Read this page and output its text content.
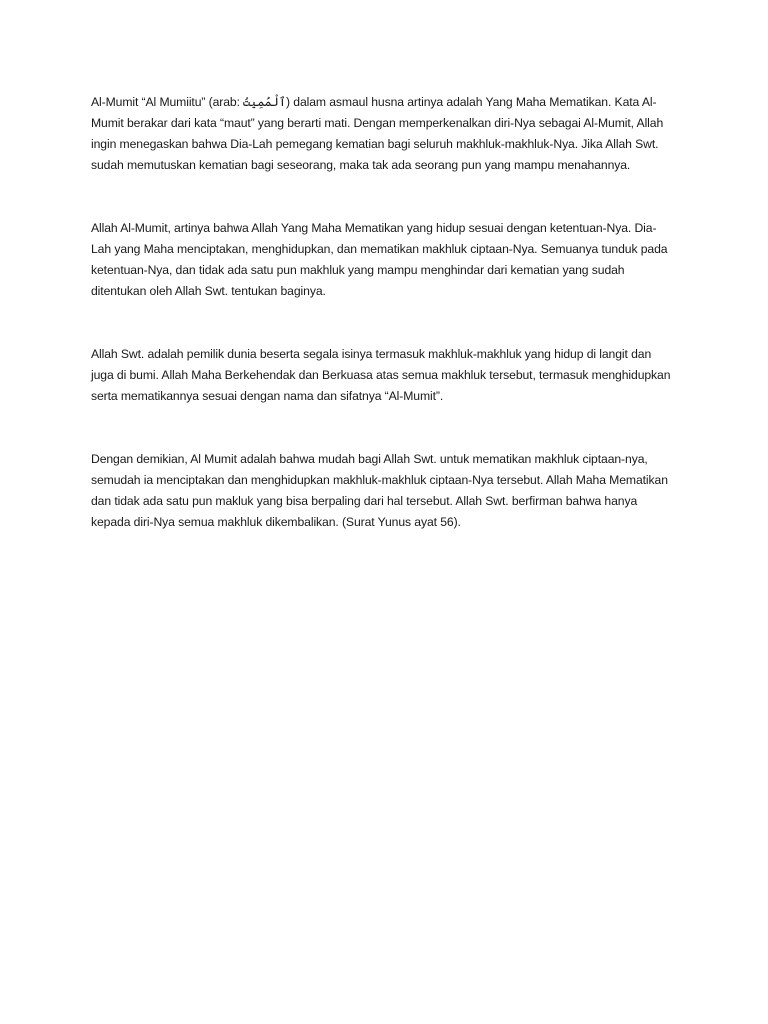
Al-Mumit “Al Mumiitu” (arab: ٱلْمُمِيتُ) dalam asmaul husna artinya adalah Yang Maha Mematikan. Kata Al-Mumit berakar dari kata “maut” yang berarti mati. Dengan memperkenalkan diri-Nya sebagai Al-Mumit, Allah ingin menegaskan bahwa Dia-Lah pemegang kematian bagi seluruh makhluk-makhluk-Nya. Jika Allah Swt. sudah memutuskan kematian bagi seseorang, maka tak ada seorang pun yang mampu menahannya.

Allah Al-Mumit, artinya bahwa Allah Yang Maha Mematikan yang hidup sesuai dengan ketentuan-Nya. Dia-Lah yang Maha menciptakan, menghidupkan, dan mematikan makhluk ciptaan-Nya. Semuanya tunduk pada ketentuan-Nya, dan tidak ada satu pun makhluk yang mampu menghindar dari kematian yang sudah ditentukan oleh Allah Swt. tentukan baginya.

Allah Swt. adalah pemilik dunia beserta segala isinya termasuk makhluk-makhluk yang hidup di langit dan juga di bumi. Allah Maha Berkehendak dan Berkuasa atas semua makhluk tersebut, termasuk menghidupkan serta mematikannya sesuai dengan nama dan sifatnya “Al-Mumit”.

Dengan demikian, Al Mumit adalah bahwa mudah bagi Allah Swt. untuk mematikan makhluk ciptaan-nya, semudah ia menciptakan dan menghidupkan makhluk-makhluk ciptaan-Nya tersebut. Allah Maha Mematikan dan tidak ada satu pun makluk yang bisa berpaling dari hal tersebut. Allah Swt. berfirman bahwa hanya kepada diri-Nya semua makhluk dikembalikan. (Surat Yunus ayat 56).
